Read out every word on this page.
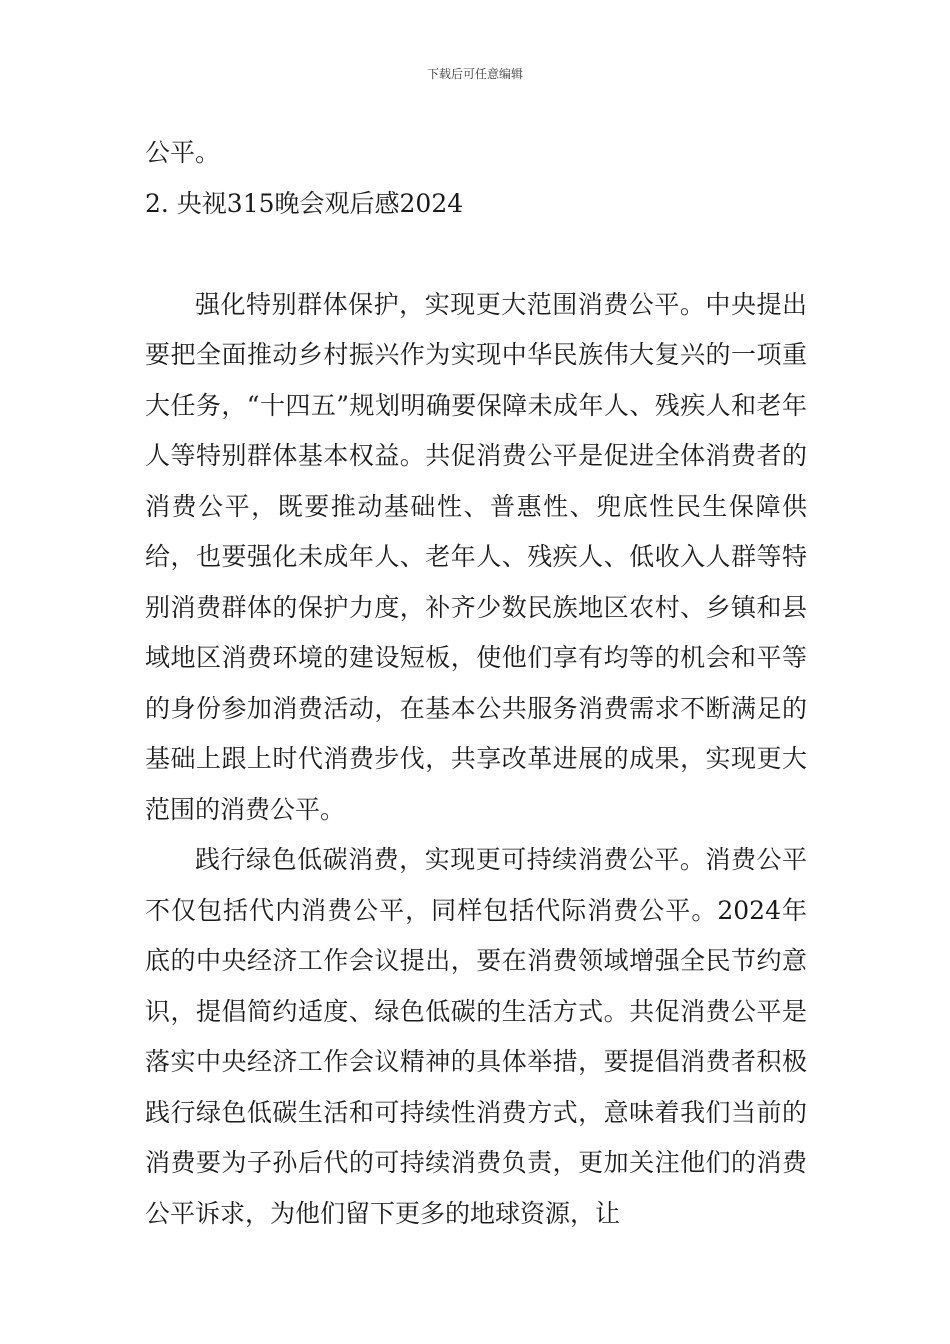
下载后可任意编辑

公平。

2. 央视315晚会观后感2024

强化特别群体保护，实现更大范围消费公平。中央提出要把全面推动乡村振兴作为实现中华民族伟大复兴的一项重大任务，“十四五”规划明确要保障未成年人、残疾人和老年人等特别群体基本权益。共促消费公平是促进全体消费者的消费公平，既要推动基础性、普惠性、兜底性民生保障供给，也要强化未成年人、老年人、残疾人、低收入人群等特别消费群体的保护力度，补齐少数民族地区农村、乡镇和县域地区消费环境的建设短板，使他们享有均等的机会和平等的身份参加消费活动，在基本公共服务消费需求不断满足的基础上跟上时代消费步伐，共享改革进展的成果，实现更大范围的消费公平。

践行绿色低碳消费，实现更可持续消费公平。消费公平不仅包括代内消费公平，同样包括代际消费公平。2024年底的中央经济工作会议提出，要在消费领域增强全民节约意识，提倡简约适度、绿色低碳的生活方式。共促消费公平是落实中央经济工作会议精神的具体举措，要提倡消费者积极践行绿色低碳生活和可持续性消费方式，意味着我们当前的消费要为子孙后代的可持续消费负责，更加关注他们的消费公平诉求，为他们留下更多的地球资源，让
